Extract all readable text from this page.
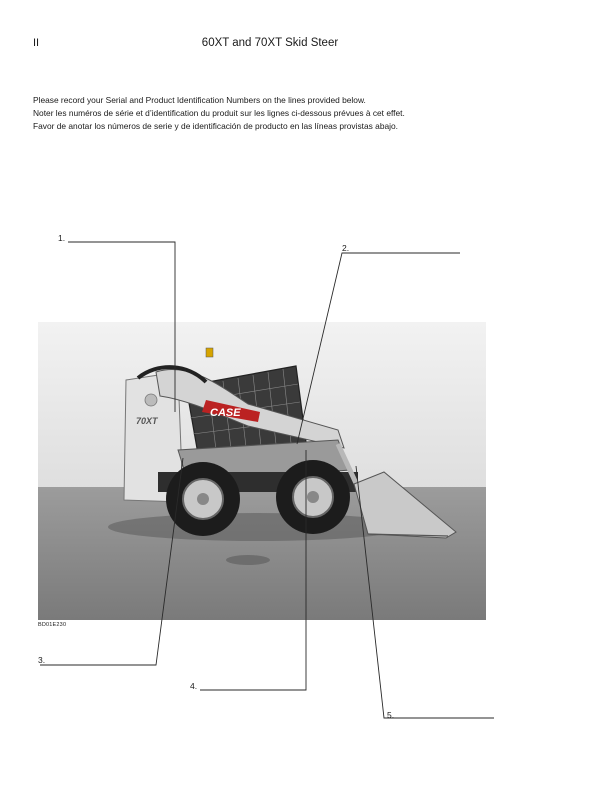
II	60XT and 70XT Skid Steer
Please record your Serial and Product Identification Numbers on the lines provided below.
Noter les numéros de série et d’identification du produit sur les lignes ci-dessous prévues à cet effet.
Favor de anotar los números de serie y de identificación de producto en las líneas provistas abajo.
70XT
CASE
BD01E230
1.
2.
3.
4.
5.
